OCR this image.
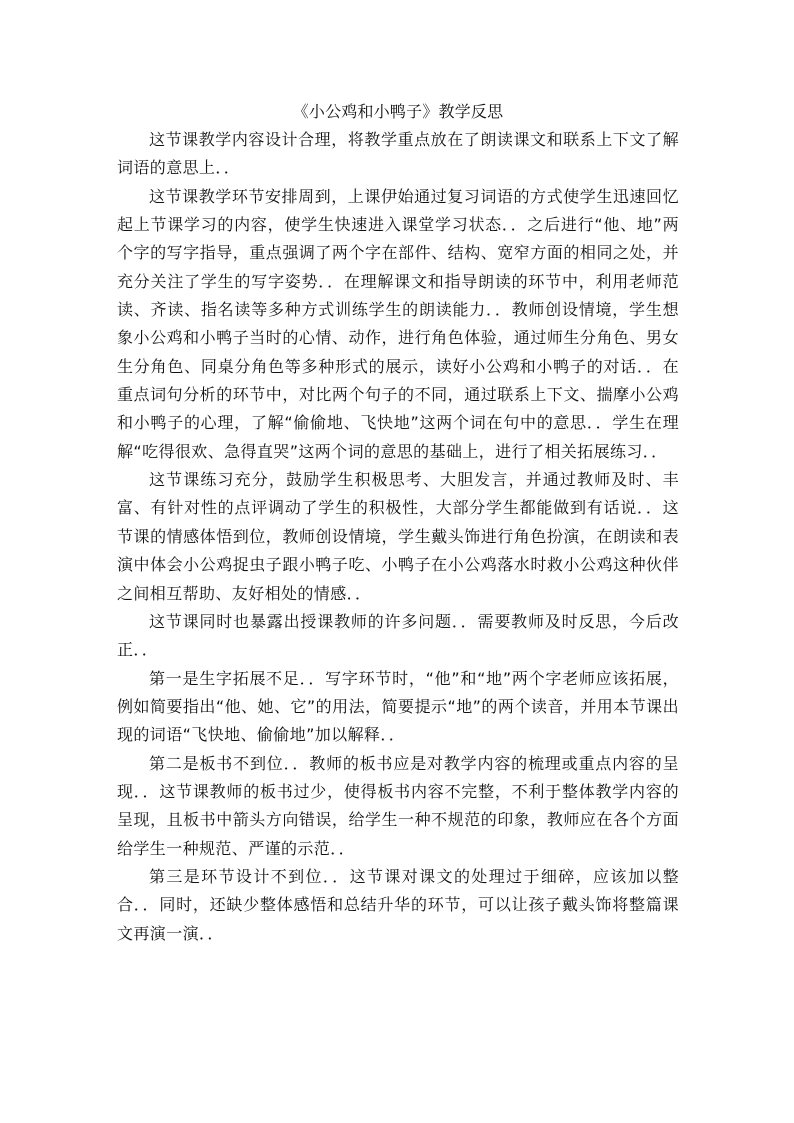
《小公鸡和小鸭子》教学反思

这节课教学内容设计合理，将教学重点放在了朗读课文和联系上下文了解词语的意思上．．

这节课教学环节安排周到，上课伊始通过复习词语的方式使学生迅速回忆起上节课学习的内容，使学生快速进入课堂学习状态．．之后进行“他、地”两个字的写字指导，重点强调了两个字在部件、结构、宽窄方面的相同之处，并充分关注了学生的写字姿势．．在理解课文和指导朗读的环节中，利用老师范读、齐读、指名读等多种方式训练学生的朗读能力．．教师创设情境，学生想象小公鸡和小鸭子当时的心情、动作，进行角色体验，通过师生分角色、男女生分角色、同桌分角色等多种形式的展示，读好小公鸡和小鸭子的对话．．在重点词句分析的环节中，对比两个句子的不同，通过联系上下文、揣摩小公鸡和小鸭子的心理，了解“偷偷地、飞快地”这两个词在句中的意思．．学生在理解“吃得很欢、急得直哭”这两个词的意思的基础上，进行了相关拓展练习．．

这节课练习充分，鼓励学生积极思考、大胆发言，并通过教师及时、丰富、有针对性的点评调动了学生的积极性，大部分学生都能做到有话说．．这节课的情感体悟到位，教师创设情境，学生戴头饰进行角色扮演，在朗读和表演中体会小公鸡捉虫子跟小鸭子吃、小鸭子在小公鸡落水时救小公鸡这种伙伴之间相互帮助、友好相处的情感．．

这节课同时也暴露出授课教师的许多问题．．需要教师及时反思，今后改正．．

第一是生字拓展不足．．写字环节时，“他”和“地”两个字老师应该拓展，例如简要指出“他、她、它”的用法，简要提示“地”的两个读音，并用本节课出现的词语“飞快地、偷偷地”加以解释．．

第二是板书不到位．．教师的板书应是对教学内容的梳理或重点内容的呈现．．这节课教师的板书过少，使得板书内容不完整，不利于整体教学内容的呈现，且板书中箭头方向错误，给学生一种不规范的印象，教师应在各个方面给学生一种规范、严谨的示范．．

第三是环节设计不到位．．这节课对课文的处理过于细碎，应该加以整合．．同时，还缺少整体感悟和总结升华的环节，可以让孩子戴头饰将整篇课文再演一演．．
